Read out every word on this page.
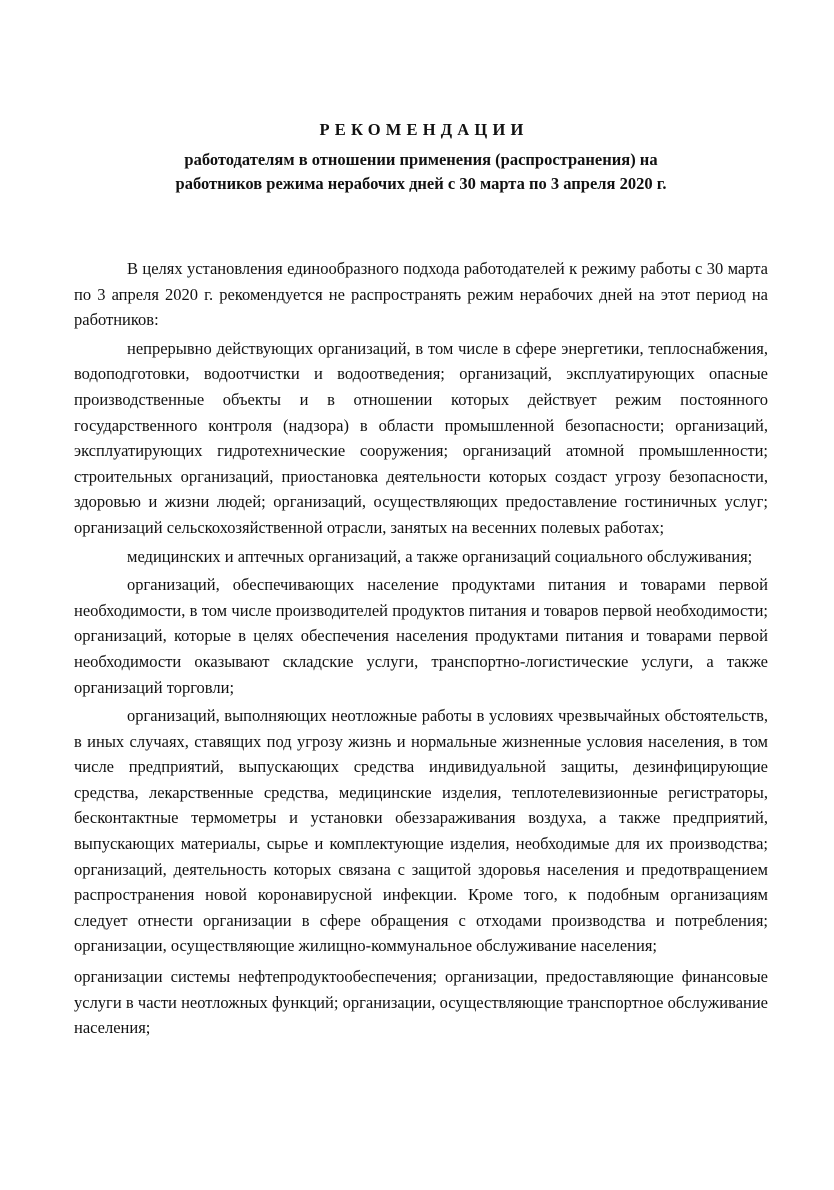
РЕКОМЕНДАЦИИ
работодателям в отношении применения (распространения) на
работников режима нерабочих дней с 30 марта по 3 апреля 2020 г.

В целях установления единообразного подхода работодателей к режиму работы с 30 марта по 3 апреля 2020 г. рекомендуется не распространять режим нерабочих дней на этот период на работников:

непрерывно действующих организаций, в том числе в сфере энергетики, теплоснабжения, водоподготовки, водоотчистки и водоотведения; организаций, эксплуатирующих опасные производственные объекты и в отношении которых действует режим постоянного государственного контроля (надзора) в области промышленной безопасности; организаций, эксплуатирующих гидротехнические сооружения; организаций атомной промышленности; строительных организаций, приостановка деятельности которых создаст угрозу безопасности, здоровью и жизни людей; организаций, осуществляющих предоставление гостиничных услуг; организаций сельскохозяйственной отрасли, занятых на весенних полевых работах;

медицинских и аптечных организаций, а также организаций социального обслуживания;

организаций, обеспечивающих население продуктами питания и товарами первой необходимости, в том числе производителей продуктов питания и товаров первой необходимости; организаций, которые в целях обеспечения населения продуктами питания и товарами первой необходимости оказывают складские услуги, транспортно-логистические услуги, а также организаций торговли;

организаций, выполняющих неотложные работы в условиях чрезвычайных обстоятельств, в иных случаях, ставящих под угрозу жизнь и нормальные жизненные условия населения, в том числе предприятий, выпускающих средства индивидуальной защиты, дезинфицирующие средства, лекарственные средства, медицинские изделия, теплотелевизионные регистраторы, бесконтактные термометры и установки обеззараживания воздуха, а также предприятий, выпускающих материалы, сырье и комплектующие изделия, необходимые для их производства; организаций, деятельность которых связана с защитой здоровья населения и предотвращением распространения новой коронавирусной инфекции. Кроме того, к подобным организациям следует отнести организации в сфере обращения с отходами производства и потребления; организации, осуществляющие жилищно-коммунальное обслуживание населения;

организации системы нефтепродуктообеспечения; организации, предоставляющие финансовые услуги в части неотложных функций; организации, осуществляющие транспортное обслуживание населения;
